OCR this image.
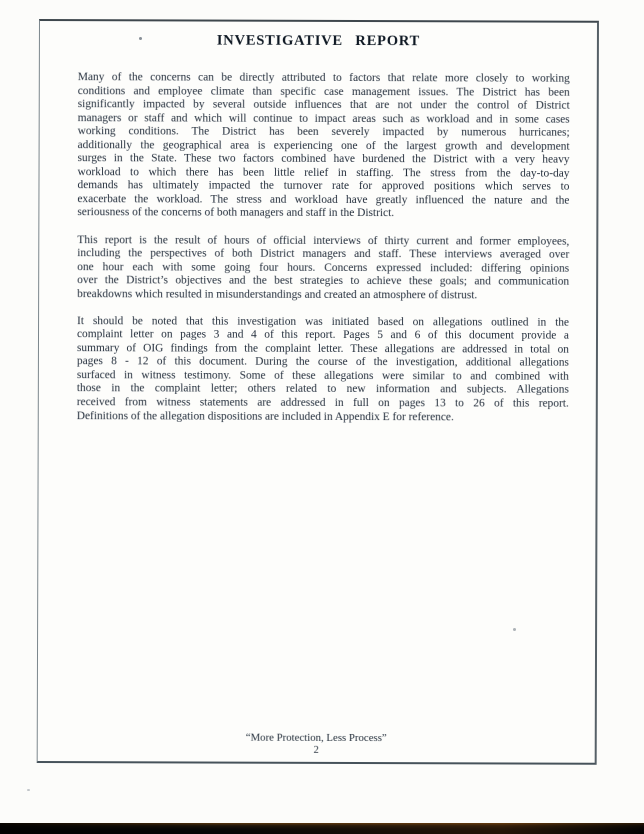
INVESTIGATIVE REPORT
Many of the concerns can be directly attributed to factors that relate more closely to working
conditions and employee climate than specific case management issues. The District has been
significantly impacted by several outside influences that are not under the control of District
managers or staff and which will continue to impact areas such as workload and in some cases
working conditions. The District has been severely impacted by numerous hurricanes;
additionally the geographical area is experiencing one of the largest growth and development
surges in the State. These two factors combined have burdened the District with a very heavy
workload to which there has been little relief in staffing. The stress from the day-to-day
demands has ultimately impacted the turnover rate for approved positions which serves to
exacerbate the workload. The stress and workload have greatly influenced the nature and the
seriousness of the concerns of both managers and staff in the District.
This report is the result of hours of official interviews of thirty current and former employees,
including the perspectives of both District managers and staff. These interviews averaged over
one hour each with some going four hours. Concerns expressed included: differing opinions
over the District’s objectives and the best strategies to achieve these goals; and communication
breakdowns which resulted in misunderstandings and created an atmosphere of distrust.
It should be noted that this investigation was initiated based on allegations outlined in the
complaint letter on pages 3 and 4 of this report. Pages 5 and 6 of this document provide a
summary of OIG findings from the complaint letter. These allegations are addressed in total on
pages 8 - 12 of this document. During the course of the investigation, additional allegations
surfaced in witness testimony. Some of these allegations were similar to and combined with
those in the complaint letter; others related to new information and subjects. Allegations
received from witness statements are addressed in full on pages 13 to 26 of this report.
Definitions of the allegation dispositions are included in Appendix E for reference.
“More Protection, Less Process”
2
